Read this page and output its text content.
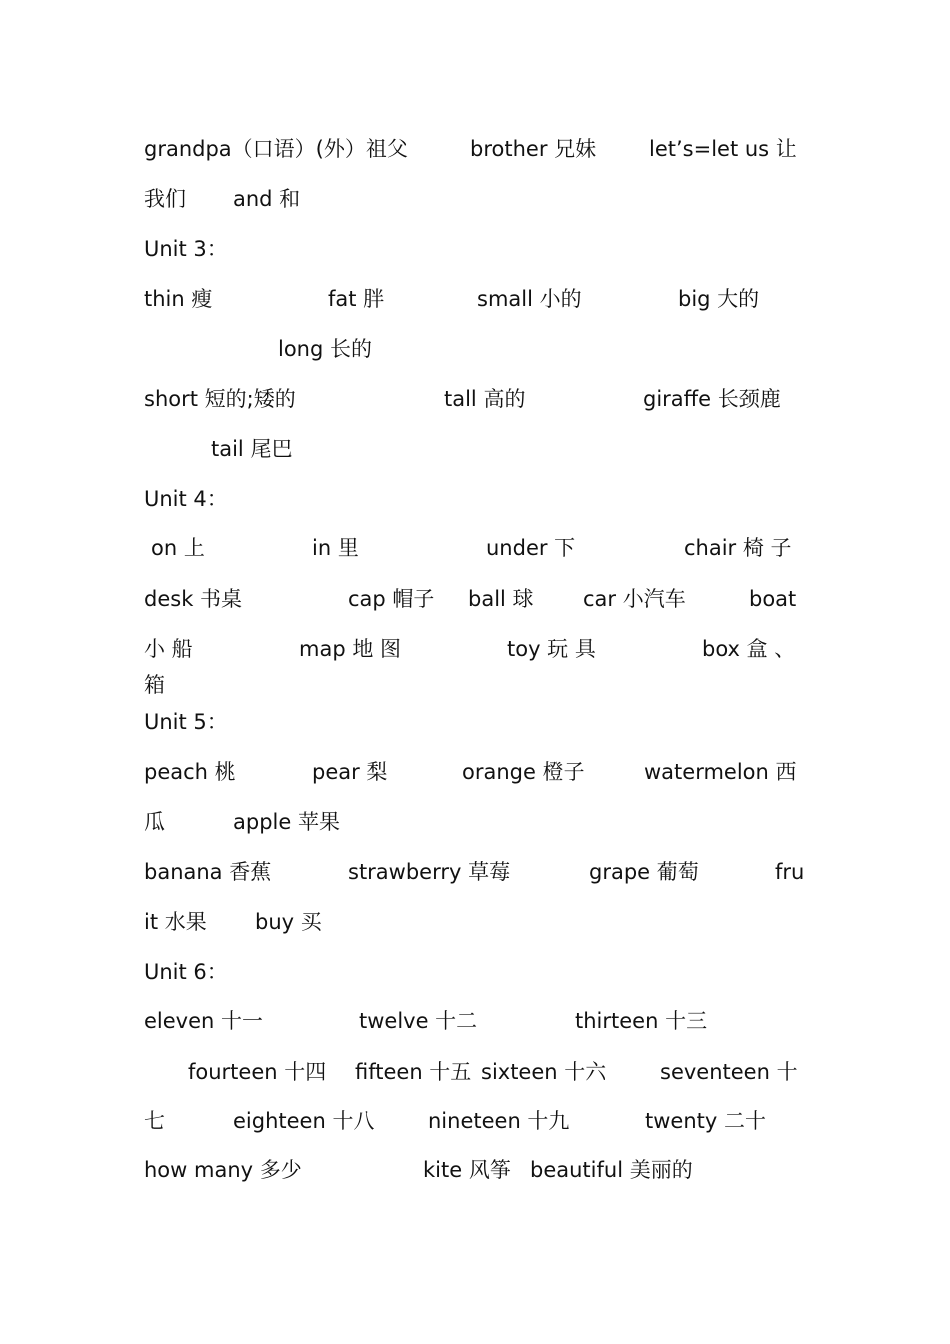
grandpa（口语）(外）祖父	brother 兄妹	let’s=let us 让
我们 and 和
Unit 3：
thin 瘦	fat 胖	small 小的	big 大的
long 长的
short 短的;矮的	tall 高的	giraffe 长颈鹿
tail 尾巴
Unit 4：
on 上	in 里	under 下	chair 椅 子
desk 书桌	cap 帽子 ball 球 car 小汽车	boat
小 船	map 地 图	toy 玩 具	box 盒 、
箱
Unit 5：
peach 桃	pear 梨	orange 橙子	watermelon 西
瓜	apple 苹果
banana 香蕉	strawberry 草莓	grape 葡萄	fru
it 水果 buy 买
Unit 6：
eleven 十一	twelve 十二	thirteen 十三
fourteen 十四 fifteen 十五 sixteen 十六	seventeen 十
七	eighteen 十八	nineteen 十九	twenty 二十
how many 多少	kite 风筝 beautiful 美丽的
